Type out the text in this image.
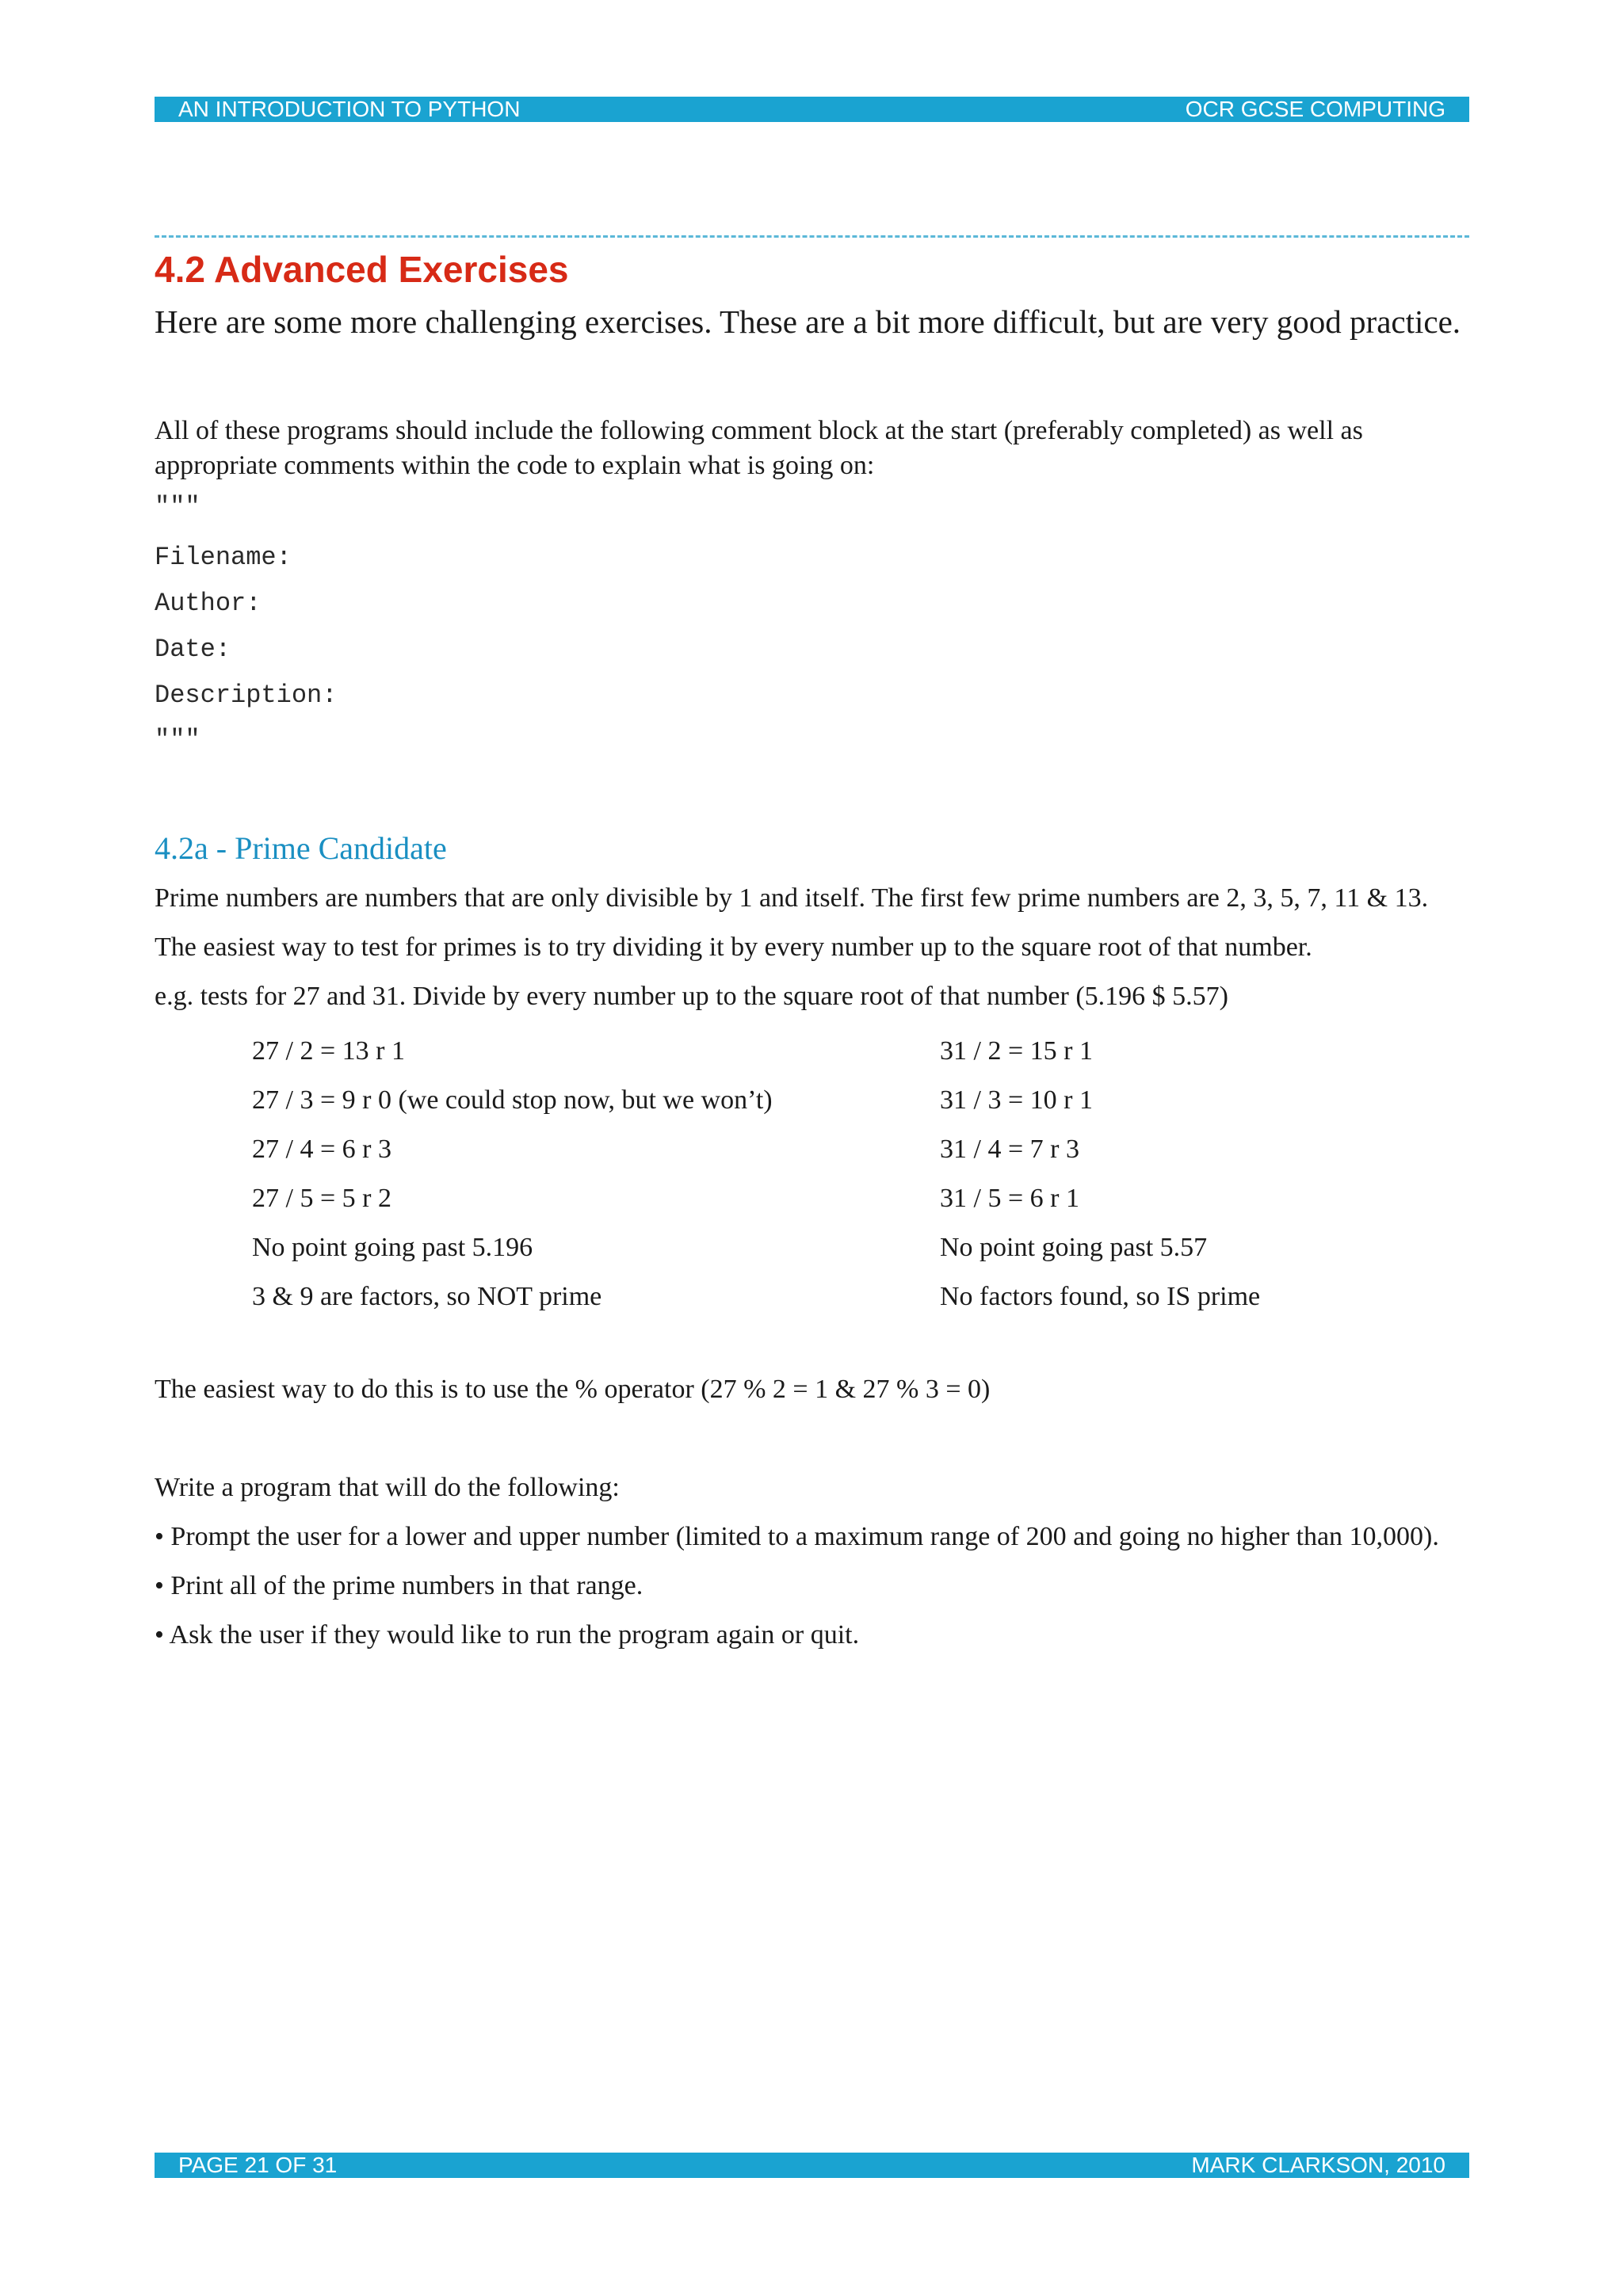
AN INTRODUCTION TO PYTHON	OCR GCSE COMPUTING
4.2 Advanced Exercises
Here are some more challenging exercises. These are a bit more difficult, but are very good practice.
All of these programs should include the following comment block at the start (preferably completed) as well as appropriate comments within the code to explain what is going on:
"""
Filename:
Author:
Date:
Description:
"""
4.2a - Prime Candidate
Prime numbers are numbers that are only divisible by 1 and itself. The first few prime numbers are 2, 3, 5, 7, 11 & 13.
The easiest way to test for primes is to try dividing it by every number up to the square root of that number.
e.g. tests for 27 and 31. Divide by every number up to the square root of that number (5.196 $ 5.57)
27 / 2 = 13 r 1
27 / 3 = 9 r 0 (we could stop now, but we won’t)
27 / 4 = 6 r 3
27 / 5 = 5 r 2
No point going past 5.196
3 & 9 are factors, so NOT prime
31 / 2 = 15 r 1
31 / 3 = 10 r 1
31 / 4 = 7 r 3
31 / 5 = 6 r 1
No point going past 5.57
No factors found, so IS prime
The easiest way to do this is to use the % operator (27 % 2 = 1 & 27 % 3 = 0)
Write a program that will do the following:
• Prompt the user for a lower and upper number (limited to a maximum range of 200 and going no higher than 10,000).
• Print all of the prime numbers in that range.
• Ask the user if they would like to run the program again or quit.
PAGE 21 OF 31	MARK CLARKSON, 2010
